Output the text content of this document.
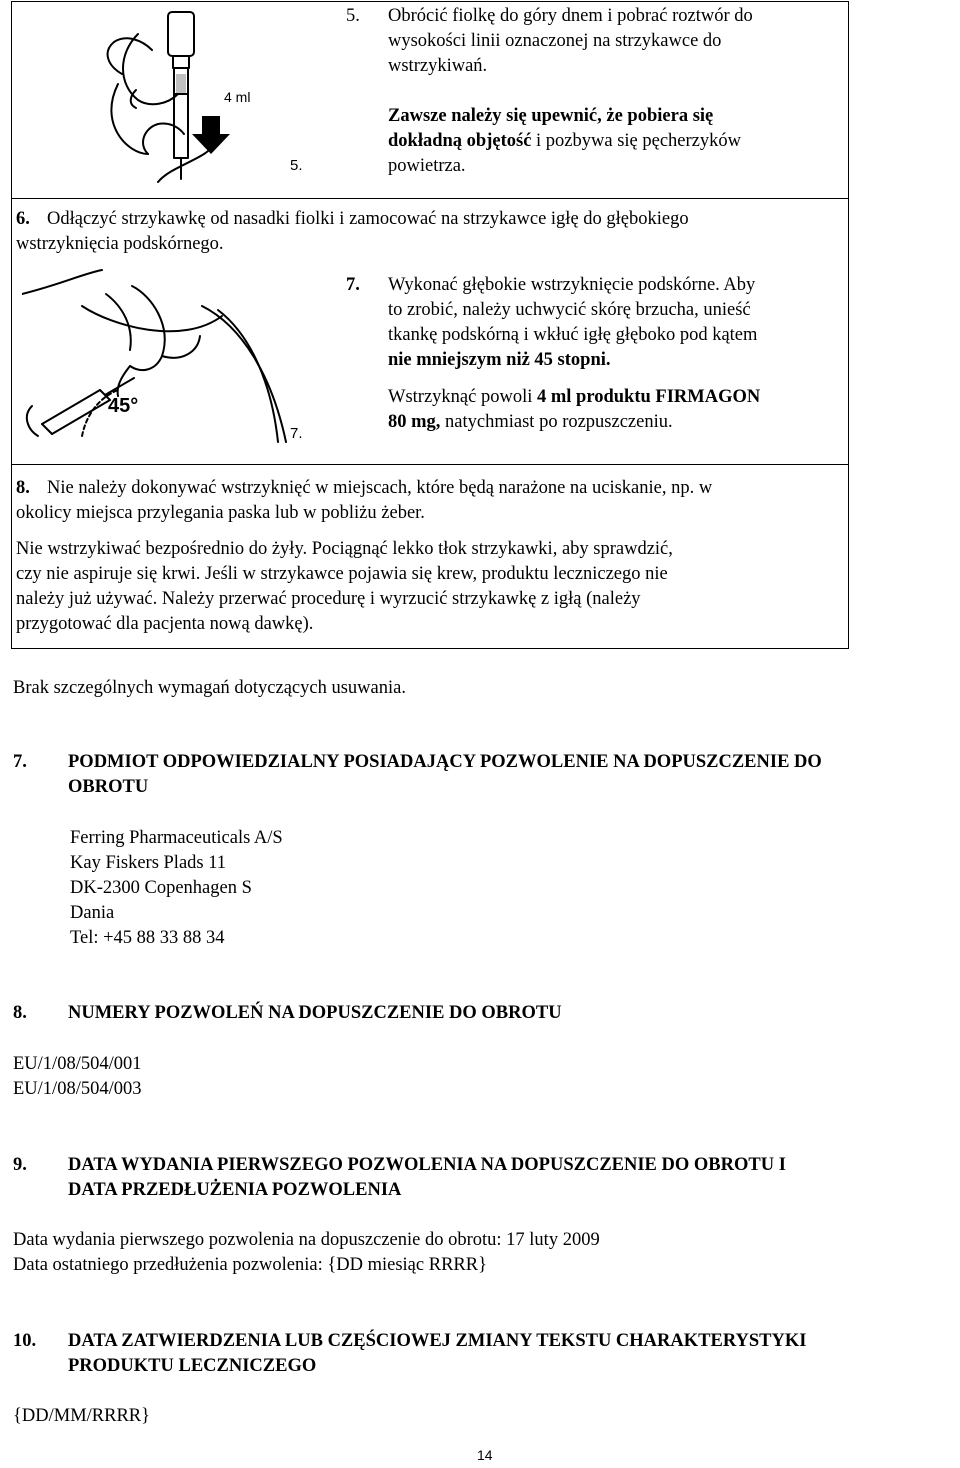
4 ml
5.
5. Obrócić fiolkę do góry dnem i pobrać roztwór do
wysokości linii oznaczonej na strzykawce do
wstrzykiwań.
Zawsze należy się upewnić, że pobiera się
dokładną objętość i pozbywa się pęcherzyków
powietrza.
6. Odłączyć strzykawkę od nasadki fiolki i zamocować na strzykawce igłę do głębokiego
wstrzyknięcia podskórnego.
45°
7.
7. Wykonać głębokie wstrzyknięcie podskórne. Aby
to zrobić, należy uchwycić skórę brzucha, unieść
tkankę podskórną i wkłuć igłę głęboko pod kątem
nie mniejszym niż 45 stopni.
Wstrzyknąć powoli 4 ml produktu FIRMAGON
80 mg, natychmiast po rozpuszczeniu.
8. Nie należy dokonywać wstrzyknięć w miejscach, które będą narażone na uciskanie, np. w
okolicy miejsca przylegania paska lub w pobliżu żeber.
Nie wstrzykiwać bezpośrednio do żyły. Pociągnąć lekko tłok strzykawki, aby sprawdzić,
czy nie aspiruje się krwi. Jeśli w strzykawce pojawia się krew, produktu leczniczego nie
należy już używać. Należy przerwać procedurę i wyrzucić strzykawkę z igłą (należy
przygotować dla pacjenta nową dawkę).
Brak szczególnych wymagań dotyczących usuwania.
7. PODMIOT ODPOWIEDZIALNY POSIADAJĄCY POZWOLENIE NA DOPUSZCZENIE DO
OBROTU
Ferring Pharmaceuticals A/S
Kay Fiskers Plads 11
DK-2300 Copenhagen S
Dania
Tel: +45 88 33 88 34
8. NUMERY POZWOLEŃ NA DOPUSZCZENIE DO OBROTU
EU/1/08/504/001
EU/1/08/504/003
9. DATA WYDANIA PIERWSZEGO POZWOLENIA NA DOPUSZCZENIE DO OBROTU I
DATA PRZEDŁUŻENIA POZWOLENIA
Data wydania pierwszego pozwolenia na dopuszczenie do obrotu: 17 luty 2009
Data ostatniego przedłużenia pozwolenia: {DD miesiąc RRRR}
10. DATA ZATWIERDZENIA LUB CZĘŚCIOWEJ ZMIANY TEKSTU CHARAKTERYSTYKI
PRODUKTU LECZNICZEGO
{DD/MM/RRRR}
14
